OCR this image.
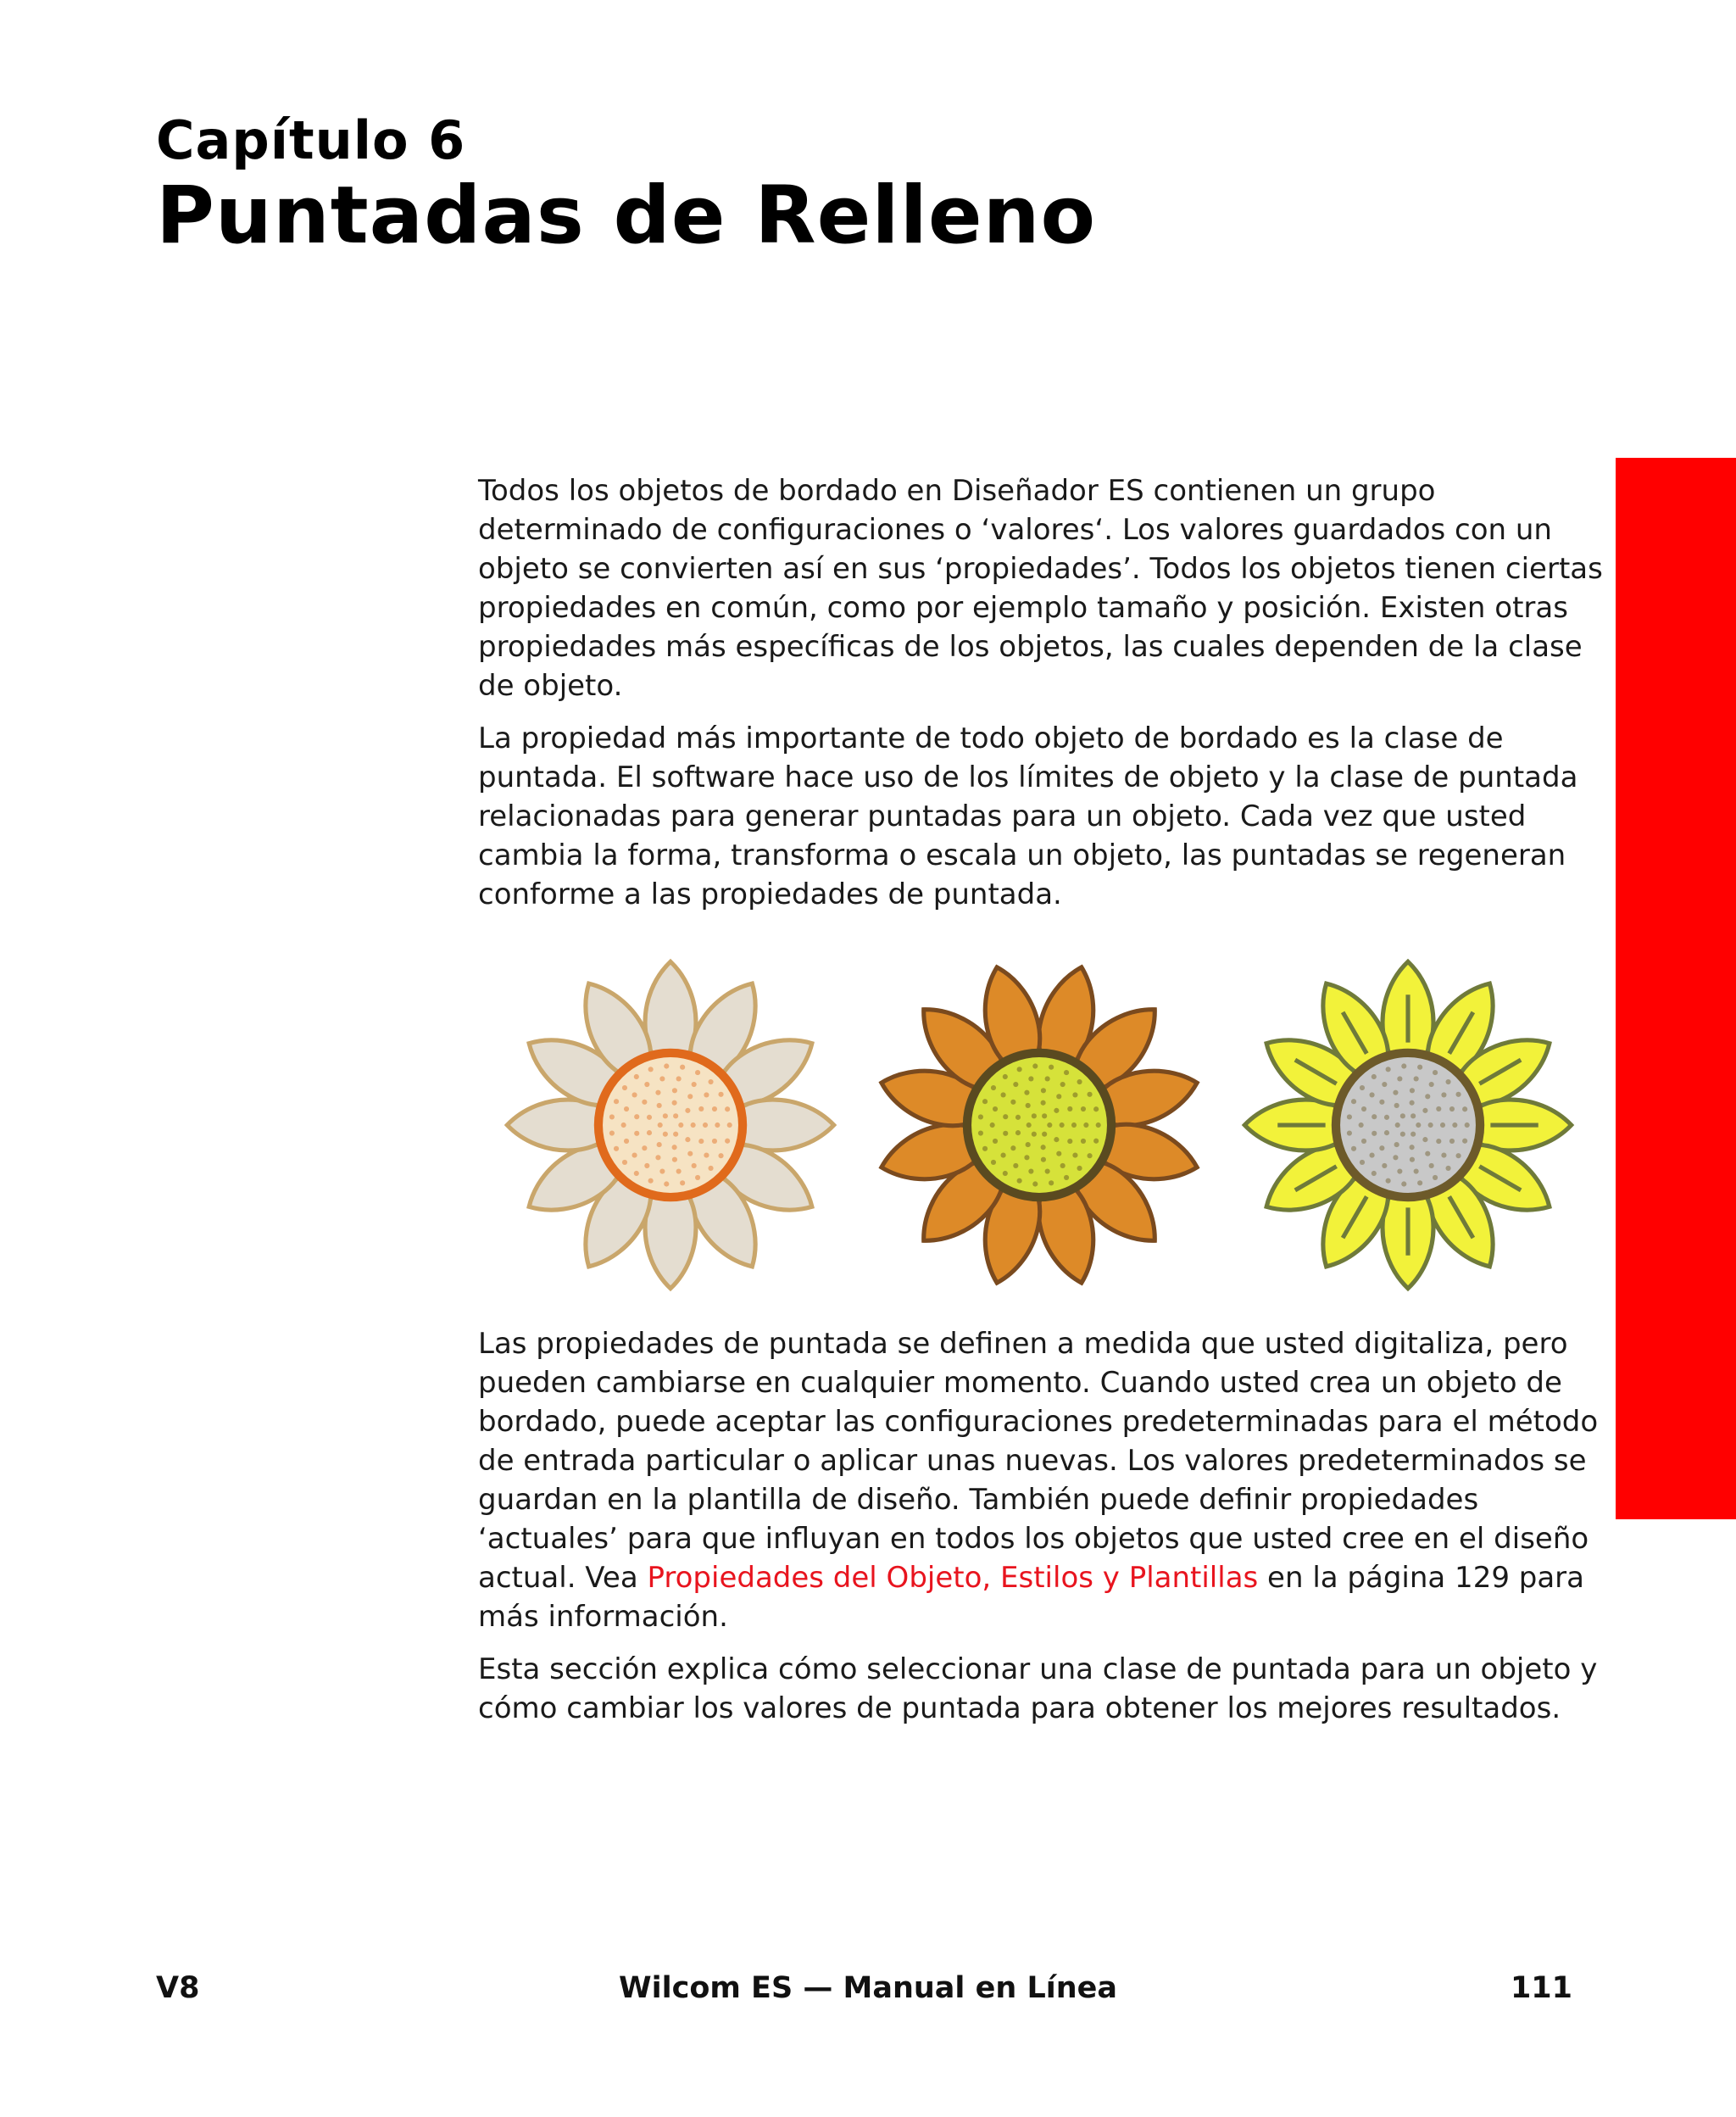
Capítulo 6
Puntadas de Relleno

Todos los objetos de bordado en Diseñador ES contienen un grupo determinado de configuraciones o ‘valores‘. Los valores guardados con un objeto se convierten así en sus ‘propiedades’. Todos los objetos tienen ciertas propiedades en común, como por ejemplo tamaño y posición. Existen otras propiedades más específicas de los objetos, las cuales dependen de la clase de objeto.

La propiedad más importante de todo objeto de bordado es la clase de puntada. El software hace uso de los límites de objeto y la clase de puntada relacionadas para generar puntadas para un objeto. Cada vez que usted cambia la forma, transforma o escala un objeto, las puntadas se regeneran conforme a las propiedades de puntada.

Las propiedades de puntada se definen a medida que usted digitaliza, pero pueden cambiarse en cualquier momento. Cuando usted crea un objeto de bordado, puede aceptar las configuraciones predeterminadas para el método de entrada particular o aplicar unas nuevas. Los valores predeterminados se guardan en la plantilla de diseño. También puede definir propiedades ‘actuales’ para que influyan en todos los objetos que usted cree en el diseño actual. Vea Propiedades del Objeto, Estilos y Plantillas en la página 129 para más información.

Esta sección explica cómo seleccionar una clase de puntada para un objeto y cómo cambiar los valores de puntada para obtener los mejores resultados.

V8	Wilcom ES — Manual en Línea	111
